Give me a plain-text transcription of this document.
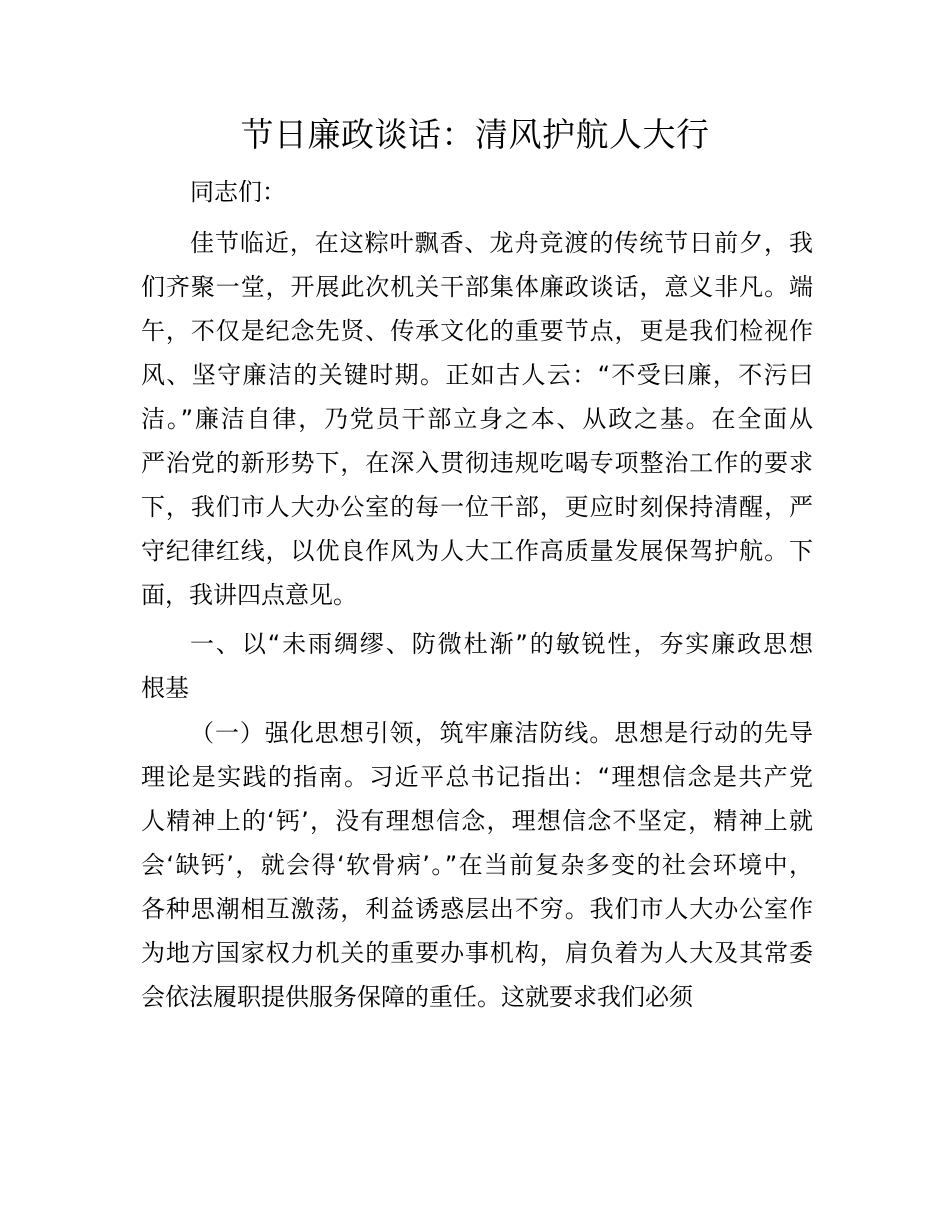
节日廉政谈话：清风护航人大行
同志们：
佳节临近，在这粽叶飘香、龙舟竞渡的传统节日前夕，我
们齐聚一堂，开展此次机关干部集体廉政谈话，意义非凡。端
午，不仅是纪念先贤、传承文化的重要节点，更是我们检视作
风、坚守廉洁的关键时期。正如古人云：“不受曰廉，不污曰
洁。”廉洁自律，乃党员干部立身之本、从政之基。在全面从
严治党的新形势下，在深入贯彻违规吃喝专项整治工作的要求
下，我们市人大办公室的每一位干部，更应时刻保持清醒，严
守纪律红线，以优良作风为人大工作高质量发展保驾护航。下
面，我讲四点意见。
一、以“未雨绸缪、防微杜渐”的敏锐性，夯实廉政思想
根基
（一）强化思想引领，筑牢廉洁防线。思想是行动的先导
理论是实践的指南。习近平总书记指出：“理想信念是共产党
人精神上的‘钙’，没有理想信念，理想信念不坚定，精神上就
会‘缺钙’，就会得‘软骨病’。”在当前复杂多变的社会环境中，
各种思潮相互激荡，利益诱惑层出不穷。我们市人大办公室作
为地方国家权力机关的重要办事机构，肩负着为人大及其常委
会依法履职提供服务保障的重任。这就要求我们必须
